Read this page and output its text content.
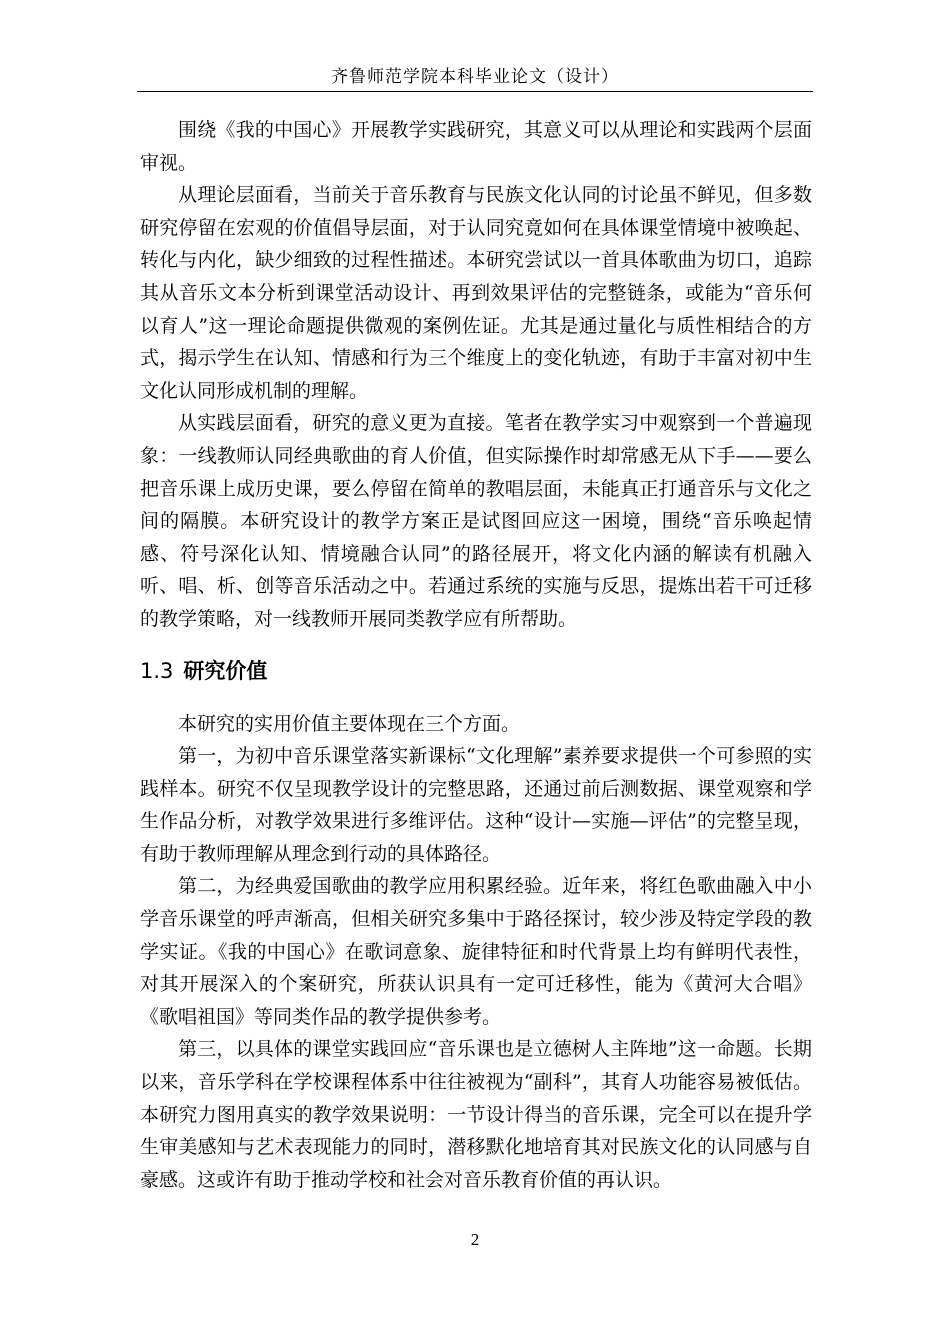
齐鲁师范学院本科毕业论文（设计）

围绕《我的中国心》开展教学实践研究，其意义可以从理论和实践两个层面审视。

从理论层面看，当前关于音乐教育与民族文化认同的讨论虽不鲜见，但多数研究停留在宏观的价值倡导层面，对于认同究竟如何在具体课堂情境中被唤起、转化与内化，缺少细致的过程性描述。本研究尝试以一首具体歌曲为切口，追踪其从音乐文本分析到课堂活动设计、再到效果评估的完整链条，或能为“音乐何以育人”这一理论命题提供微观的案例佐证。尤其是通过量化与质性相结合的方式，揭示学生在认知、情感和行为三个维度上的变化轨迹，有助于丰富对初中生文化认同形成机制的理解。

从实践层面看，研究的意义更为直接。笔者在教学实习中观察到一个普遍现象：一线教师认同经典歌曲的育人价值，但实际操作时却常感无从下手——要么把音乐课上成历史课，要么停留在简单的教唱层面，未能真正打通音乐与文化之间的隔膜。本研究设计的教学方案正是试图回应这一困境，围绕“音乐唤起情感、符号深化认知、情境融合认同”的路径展开，将文化内涵的解读有机融入听、唱、析、创等音乐活动之中。若通过系统的实施与反思，提炼出若干可迁移的教学策略，对一线教师开展同类教学应有所帮助。

1.3 研究价值

本研究的实用价值主要体现在三个方面。

第一，为初中音乐课堂落实新课标“文化理解”素养要求提供一个可参照的实践样本。研究不仅呈现教学设计的完整思路，还通过前后测数据、课堂观察和学生作品分析，对教学效果进行多维评估。这种“设计—实施—评估”的完整呈现，有助于教师理解从理念到行动的具体路径。

第二，为经典爱国歌曲的教学应用积累经验。近年来，将红色歌曲融入中小学音乐课堂的呼声渐高，但相关研究多集中于路径探讨，较少涉及特定学段的教学实证。《我的中国心》在歌词意象、旋律特征和时代背景上均有鲜明代表性，对其开展深入的个案研究，所获认识具有一定可迁移性，能为《黄河大合唱》《歌唱祖国》等同类作品的教学提供参考。

第三，以具体的课堂实践回应“音乐课也是立德树人主阵地”这一命题。长期以来，音乐学科在学校课程体系中往往被视为“副科”，其育人功能容易被低估。本研究力图用真实的教学效果说明：一节设计得当的音乐课，完全可以在提升学生审美感知与艺术表现能力的同时，潜移默化地培育其对民族文化的认同感与自豪感。这或许有助于推动学校和社会对音乐教育价值的再认识。

2
